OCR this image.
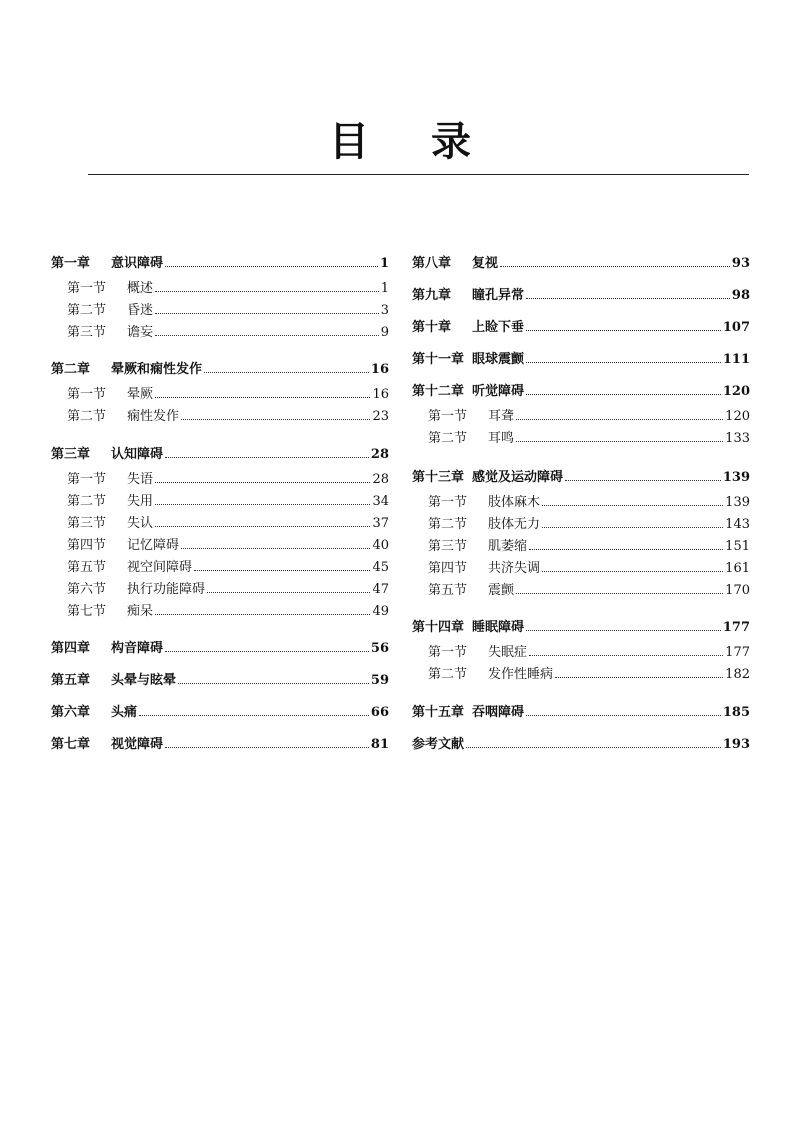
目 录
第一章	意识障碍	1
第一节	概述	1
第二节	昏迷	3
第三节	谵妄	9
第二章	晕厥和痫性发作	16
第一节	晕厥	16
第二节	痫性发作	23
第三章	认知障碍	28
第一节	失语	28
第二节	失用	34
第三节	失认	37
第四节	记忆障碍	40
第五节	视空间障碍	45
第六节	执行功能障碍	47
第七节	痴呆	49
第四章	构音障碍	56
第五章	头晕与眩晕	59
第六章	头痛	66
第七章	视觉障碍	81
第八章	复视	93
第九章	瞳孔异常	98
第十章	上睑下垂	107
第十一章 眼球震颤	111
第十二章 听觉障碍	120
第一节	耳聋	120
第二节	耳鸣	133
第十三章 感觉及运动障碍	139
第一节	肢体麻木	139
第二节	肢体无力	143
第三节	肌萎缩	151
第四节	共济失调	161
第五节	震颤	170
第十四章 睡眠障碍	177
第一节	失眠症	177
第二节	发作性睡病	182
第十五章 吞咽障碍	185
参考文献	193
